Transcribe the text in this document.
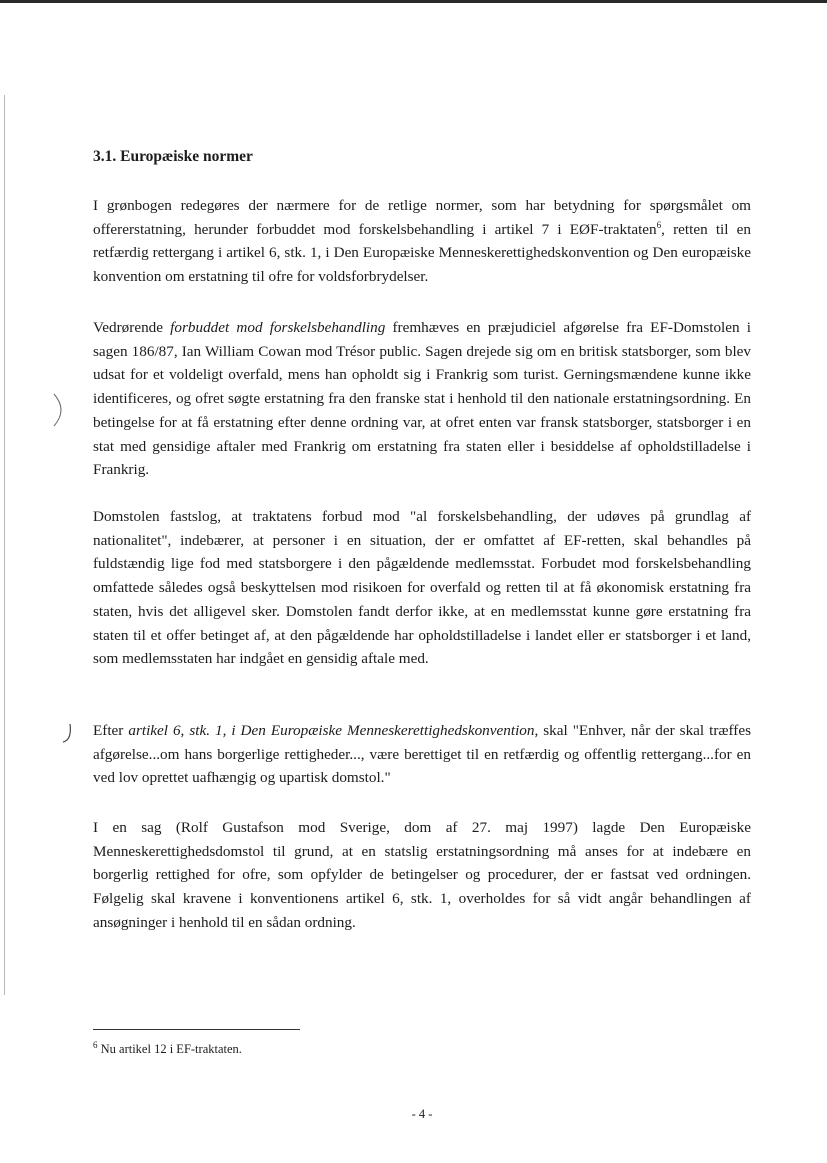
3.1. Europæiske normer

I grønbogen redegøres der nærmere for de retlige normer, som har betydning for spørgsmålet om offererstatning, herunder forbuddet mod forskelsbehandling i artikel 7 i EØF-traktaten$^6$, retten til en retfærdig rettergang i artikel 6, stk. 1, i Den Europæiske Menneskerettighedskonvention og Den europæiske konvention om erstatning til ofre for voldsforbrydelser.

Vedrørende forbuddet mod forskelsbehandling fremhæves en præjudiciel afgørelse fra EF-Domstolen i sagen 186/87, Ian William Cowan mod Trésor public. Sagen drejede sig om en britisk statsborger, som blev udsat for et voldeligt overfald, mens han opholdt sig i Frankrig som turist. Gerningsmændene kunne ikke identificeres, og ofret søgte erstatning fra den franske stat i henhold til den nationale erstatningsordning. En betingelse for at få erstatning efter denne ordning var, at ofret enten var fransk statsborger, statsborger i en stat med gensidige aftaler med Frankrig om erstatning fra staten eller i besiddelse af opholdstilladelse i Frankrig.

Domstolen fastslog, at traktatens forbud mod "al forskelsbehandling, der udøves på grundlag af nationalitet", indebærer, at personer i en situation, der er omfattet af EF-retten, skal behandles på fuldstændig lige fod med statsborgere i den pågældende medlemsstat. Forbudet mod forskelsbehandling omfattede således også beskyttelsen mod risikoen for overfald og retten til at få økonomisk erstatning fra staten, hvis det alligevel sker. Domstolen fandt derfor ikke, at en medlemsstat kunne gøre erstatning fra staten til et offer betinget af, at den pågældende har opholdstilladelse i landet eller er statsborger i et land, som medlemsstaten har indgået en gensidig aftale med.

Efter artikel 6, stk. 1, i Den Europæiske Menneskerettighedskonvention, skal "Enhver, når der skal træffes afgørelse...om hans borgerlige rettigheder..., være berettiget til en retfærdig og offentlig rettergang...for en ved lov oprettet uafhængig og upartisk domstol."

I en sag (Rolf Gustafson mod Sverige, dom af 27. maj 1997) lagde Den Europæiske Menneskerettighedsdomstol til grund, at en statslig erstatningsordning må anses for at indebære en borgerlig rettighed for ofre, som opfylder de betingelser og procedurer, der er fastsat ved ordningen. Følgelig skal kravene i konventionens artikel 6, stk. 1, overholdes for så vidt angår behandlingen af ansøgninger i henhold til en sådan ordning.

$^6$ Nu artikel 12 i EF-traktaten.
- 4 -
